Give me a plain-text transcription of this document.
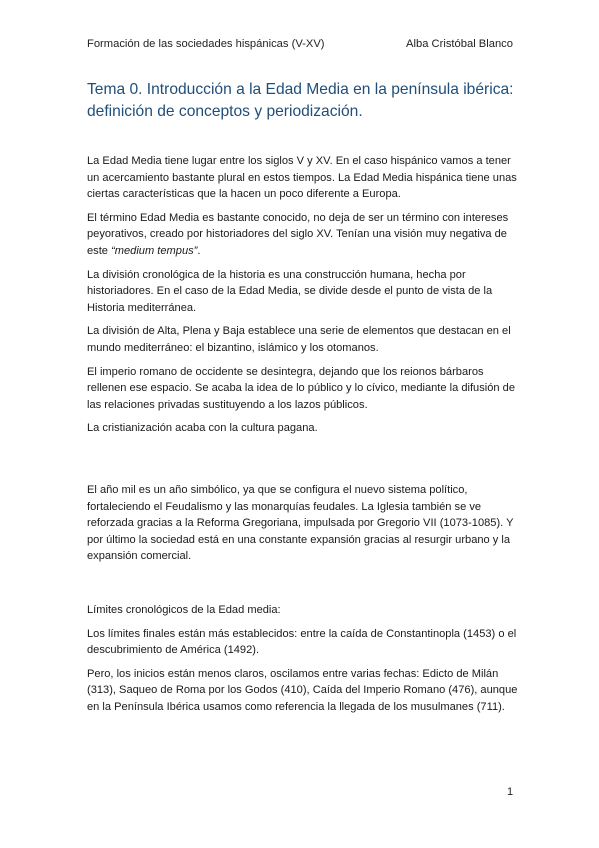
Formación de las sociedades hispánicas (V-XV)	Alba Cristóbal Blanco
Tema 0. Introducción a la Edad Media en la península ibérica: definición de conceptos y periodización.

La Edad Media tiene lugar entre los siglos V y XV. En el caso hispánico vamos a tener un acercamiento bastante plural en estos tiempos. La Edad Media hispánica tiene unas ciertas características que la hacen un poco diferente a Europa.

El término Edad Media es bastante conocido, no deja de ser un término con intereses peyorativos, creado por historiadores del siglo XV. Tenían una visión muy negativa de este “medium tempus”.

La división cronológica de la historia es una construcción humana, hecha por historiadores. En el caso de la Edad Media, se divide desde el punto de vista de la Historia mediterránea.

La división de Alta, Plena y Baja establece una serie de elementos que destacan en el mundo mediterráneo: el bizantino, islámico y los otomanos.

El imperio romano de occidente se desintegra, dejando que los reionos bárbaros rellenen ese espacio. Se acaba la idea de lo público y lo cívico, mediante la difusión de las relaciones privadas sustituyendo a los lazos públicos.

La cristianización acaba con la cultura pagana.

El año mil es un año simbólico, ya que se configura el nuevo sistema político, fortaleciendo el Feudalismo y las monarquías feudales. La Iglesia también se ve reforzada gracias a la Reforma Gregoriana, impulsada por Gregorio VII (1073-1085). Y por último la sociedad está en una constante expansión gracias al resurgir urbano y la expansión comercial.

Límites cronológicos de la Edad media:

Los límites finales están más establecidos: entre la caída de Constantinopla (1453) o el descubrimiento de América (1492).

Pero, los inicios están menos claros, oscilamos entre varias fechas: Edicto de Milán (313), Saqueo de Roma por los Godos (410), Caída del Imperio Romano (476), aunque en la Península Ibérica usamos como referencia la llegada de los musulmanes (711).

1
